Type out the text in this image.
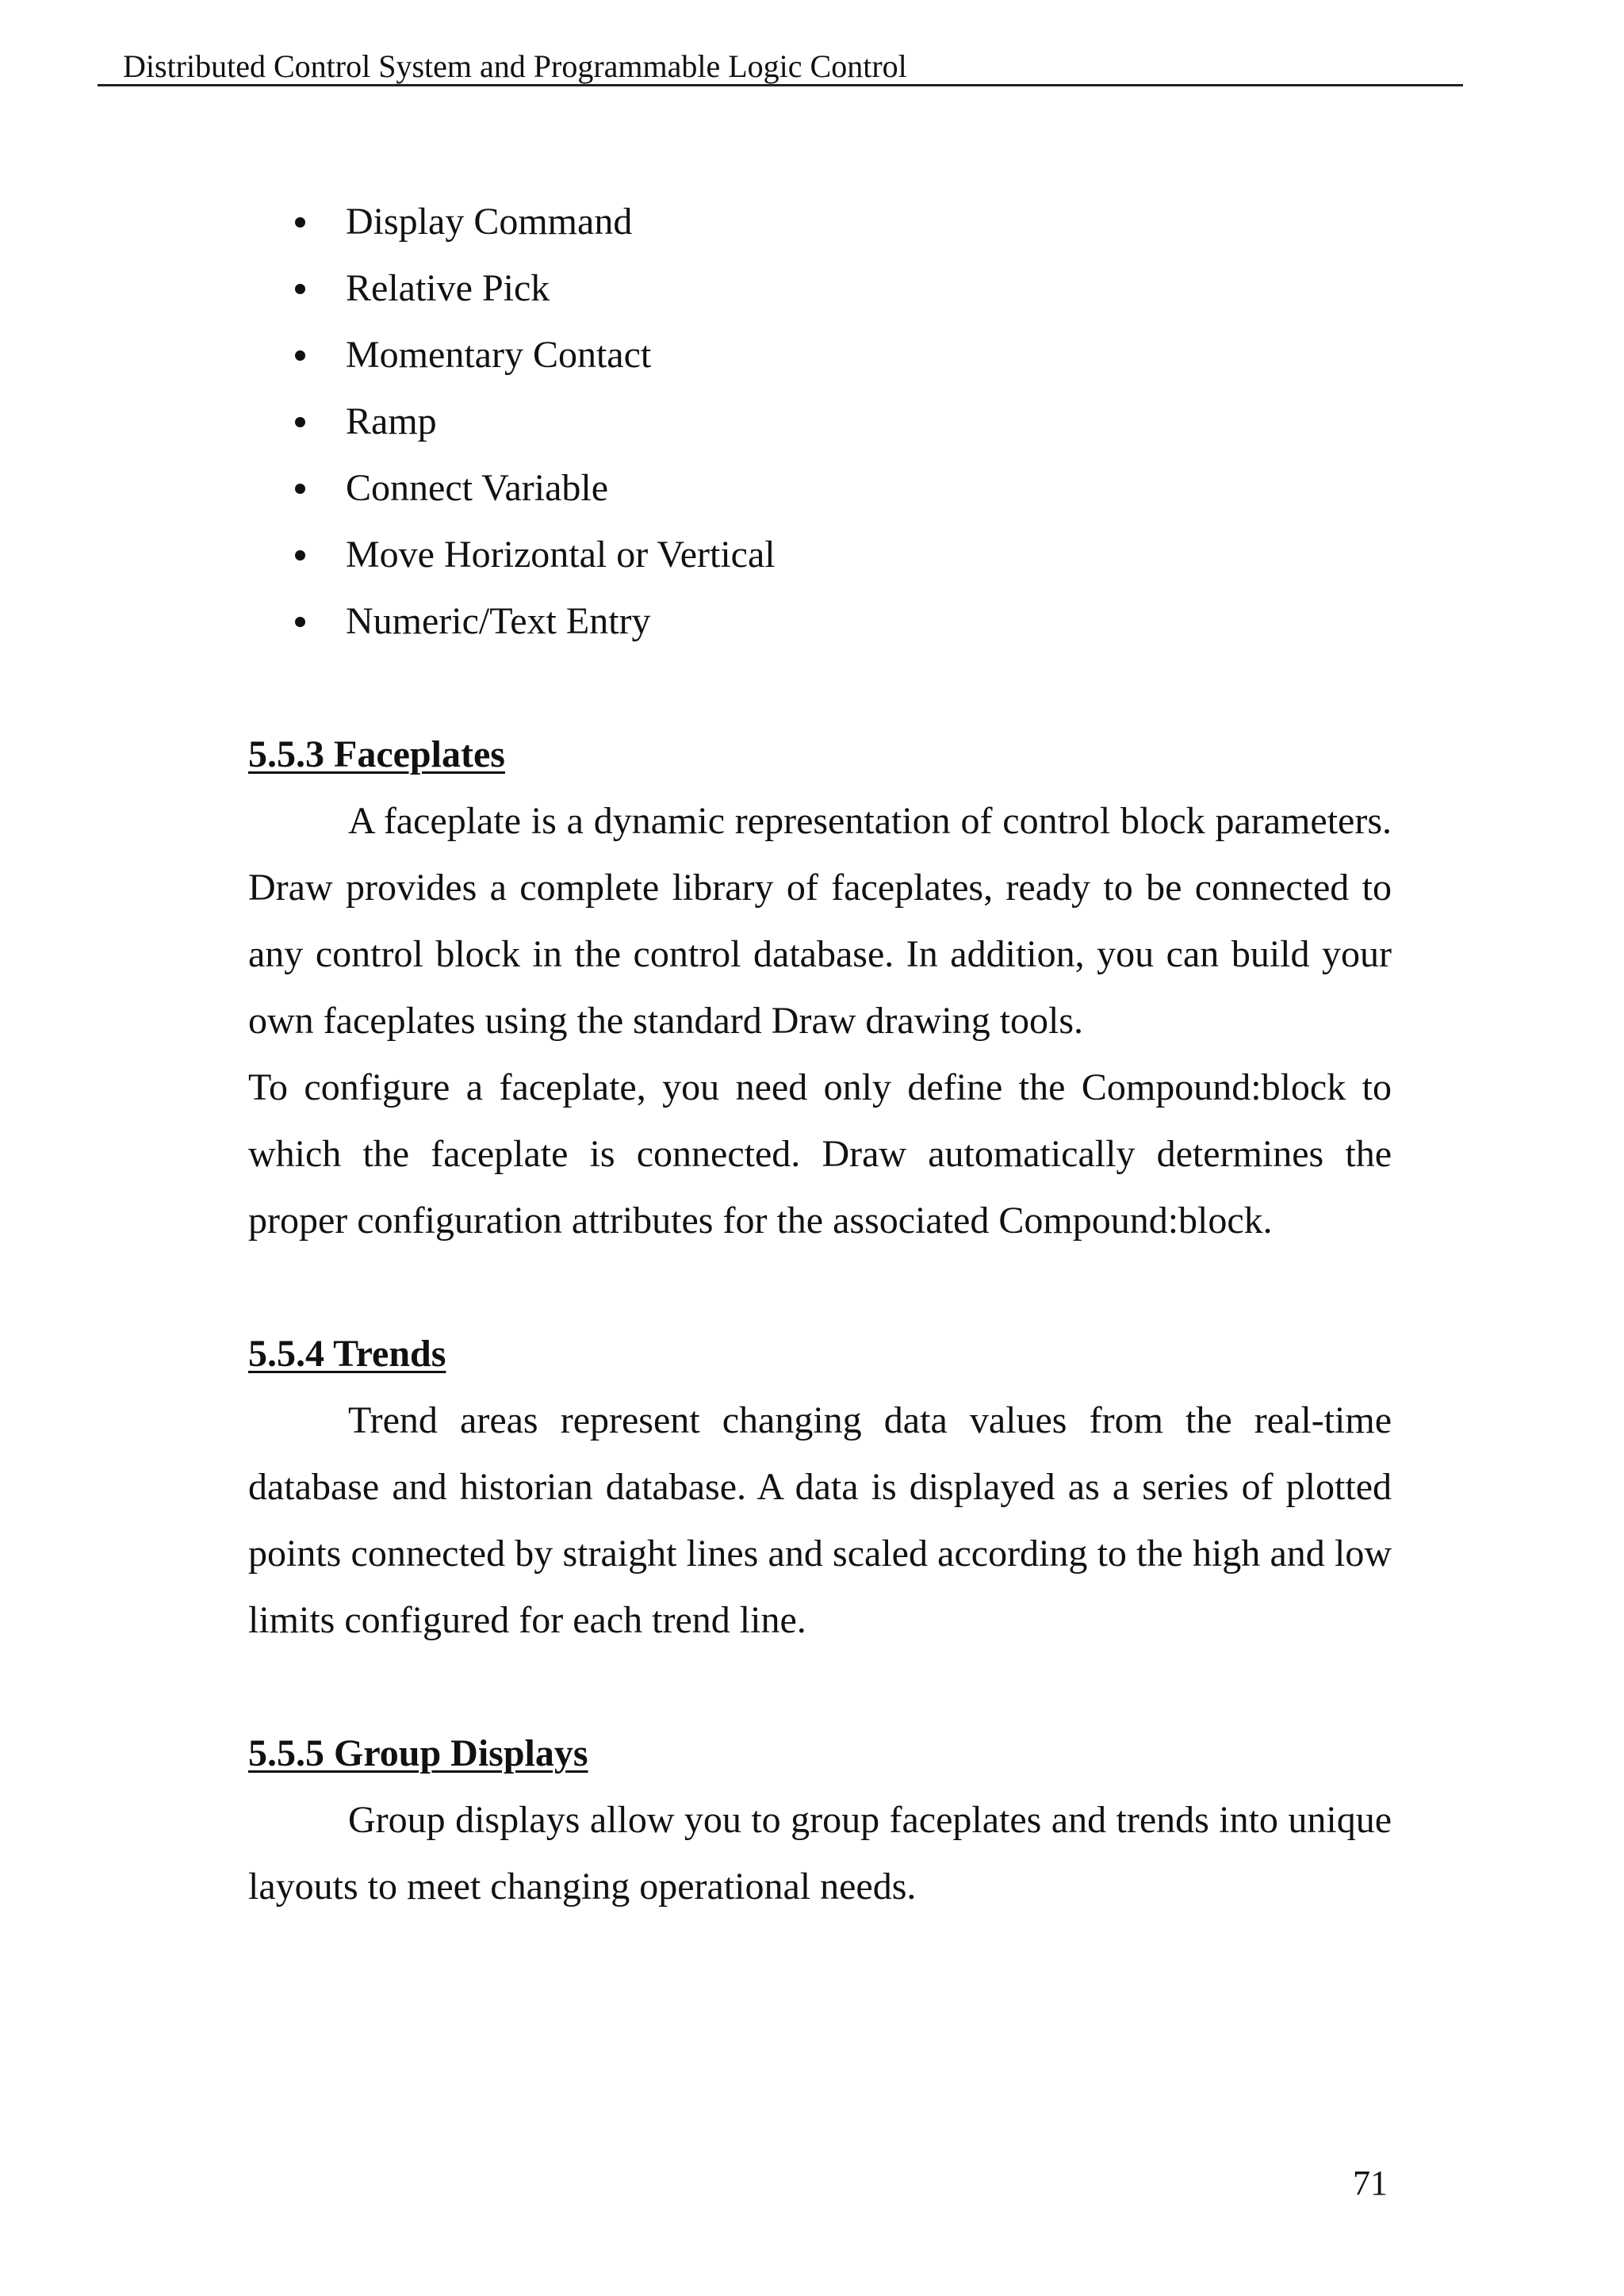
Distributed Control System and Programmable Logic Control
Display Command
Relative Pick
Momentary Contact
Ramp
Connect Variable
Move Horizontal or Vertical
Numeric/Text Entry
5.5.3 Faceplates

A faceplate is a dynamic representation of control block parameters. Draw provides a complete library of faceplates, ready to be connected to any control block in the control database. In addition, you can build your own faceplates using the standard Draw drawing tools.

To configure a faceplate, you need only define the Compound:block to which the faceplate is connected. Draw automatically determines the proper configuration attributes for the associated Compound:block.

5.5.4 Trends

Trend areas represent changing data values from the real-time database and historian database. A data is displayed as a series of plotted points connected by straight lines and scaled according to the high and low limits configured for each trend line.

5.5.5 Group Displays

Group displays allow you to group faceplates and trends into unique layouts to meet changing operational needs.

71
